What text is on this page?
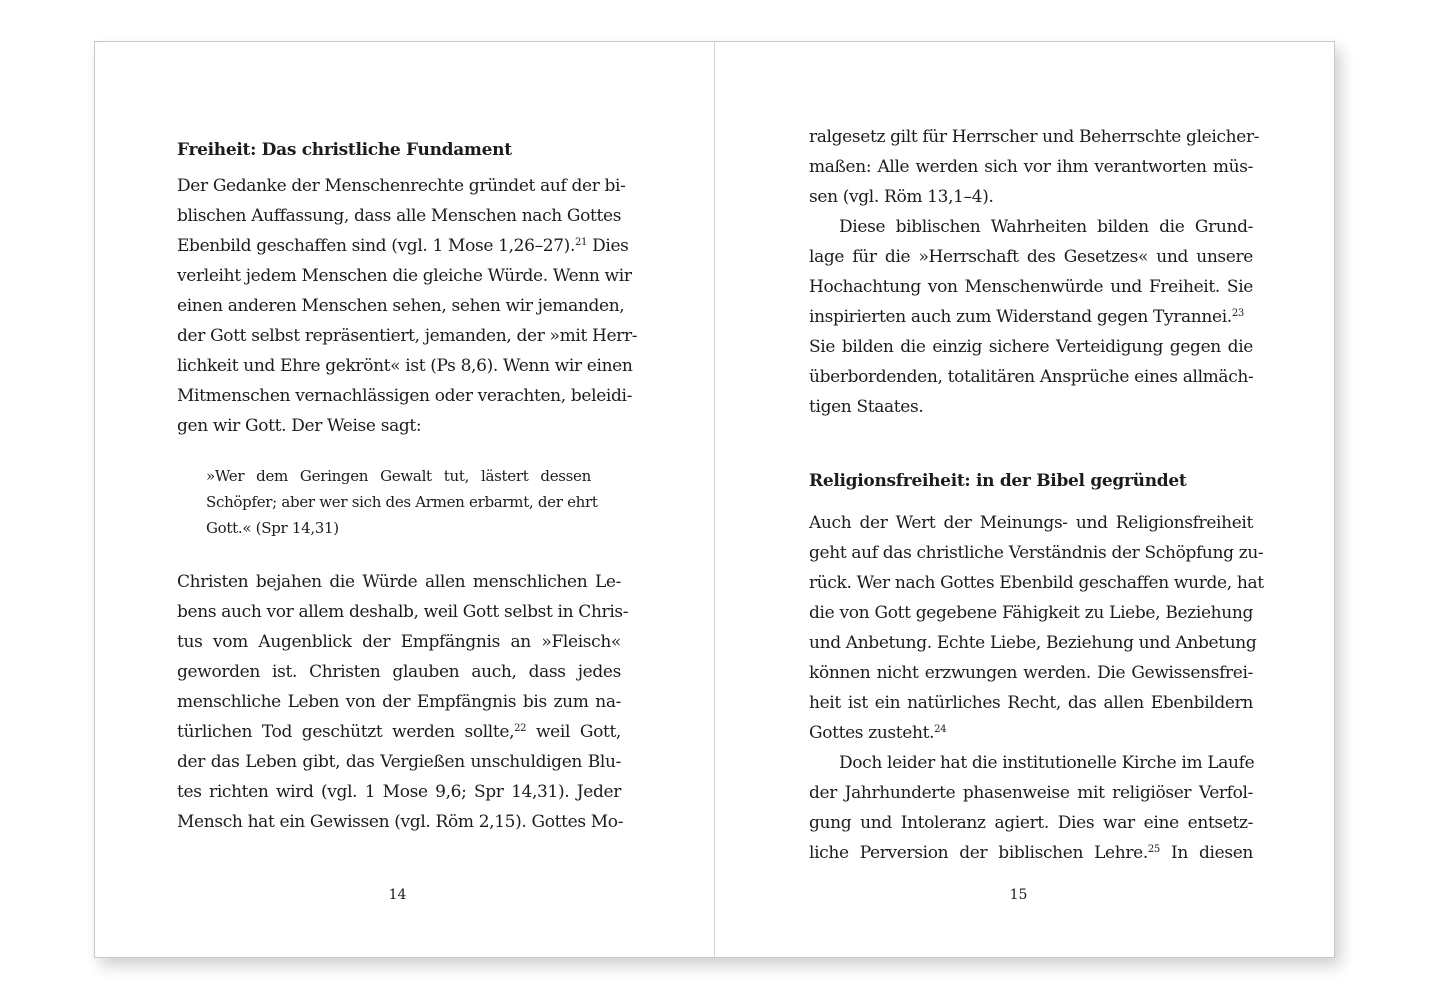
Freiheit: Das christliche Fundament
Der Gedanke der Menschenrechte gründet auf der bi-
blischen Auffassung, dass alle Menschen nach Gottes
Ebenbild geschaffen sind (vgl. 1 Mose 1,26–27).$^{21}$ Dies
verleiht jedem Menschen die gleiche Würde. Wenn wir
einen anderen Menschen sehen, sehen wir jemanden,
der Gott selbst repräsentiert, jemanden, der »mit Herr-
lichkeit und Ehre gekrönt« ist (Ps 8,6). Wenn wir einen
Mitmenschen vernachlässigen oder verachten, beleidi-
gen wir Gott. Der Weise sagt:
»Wer dem Geringen Gewalt tut, lästert dessen
Schöpfer; aber wer sich des Armen erbarmt, der ehrt
Gott.« (Spr 14,31)
Christen bejahen die Würde allen menschlichen Le-
bens auch vor allem deshalb, weil Gott selbst in Chris-
tus vom Augenblick der Empfängnis an »Fleisch«
geworden ist. Christen glauben auch, dass jedes
menschliche Leben von der Empfängnis bis zum na-
türlichen Tod geschützt werden sollte,$^{22}$ weil Gott,
der das Leben gibt, das Vergießen unschuldigen Blu-
tes richten wird (vgl. 1 Mose 9,6; Spr 14,31). Jeder
Mensch hat ein Gewissen (vgl. Röm 2,15). Gottes Mo-
14
ralgesetz gilt für Herrscher und Beherrschte gleicher-
maßen: Alle werden sich vor ihm verantworten müs-
sen (vgl. Röm 13,1–4).
Diese biblischen Wahrheiten bilden die Grund-
lage für die »Herrschaft des Gesetzes« und unsere
Hochachtung von Menschenwürde und Freiheit. Sie
inspirierten auch zum Widerstand gegen Tyrannei.$^{23}$
Sie bilden die einzig sichere Verteidigung gegen die
überbordenden, totalitären Ansprüche eines allmäch-
tigen Staates.
Religionsfreiheit: in der Bibel gegründet
Auch der Wert der Meinungs- und Religionsfreiheit
geht auf das christliche Verständnis der Schöpfung zu-
rück. Wer nach Gottes Ebenbild geschaffen wurde, hat
die von Gott gegebene Fähigkeit zu Liebe, Beziehung
und Anbetung. Echte Liebe, Beziehung und Anbetung
können nicht erzwungen werden. Die Gewissensfrei-
heit ist ein natürliches Recht, das allen Ebenbildern
Gottes zusteht.$^{24}$
Doch leider hat die institutionelle Kirche im Laufe
der Jahrhunderte phasenweise mit religiöser Verfol-
gung und Intoleranz agiert. Dies war eine entsetz-
liche Perversion der biblischen Lehre.$^{25}$ In diesen
15
